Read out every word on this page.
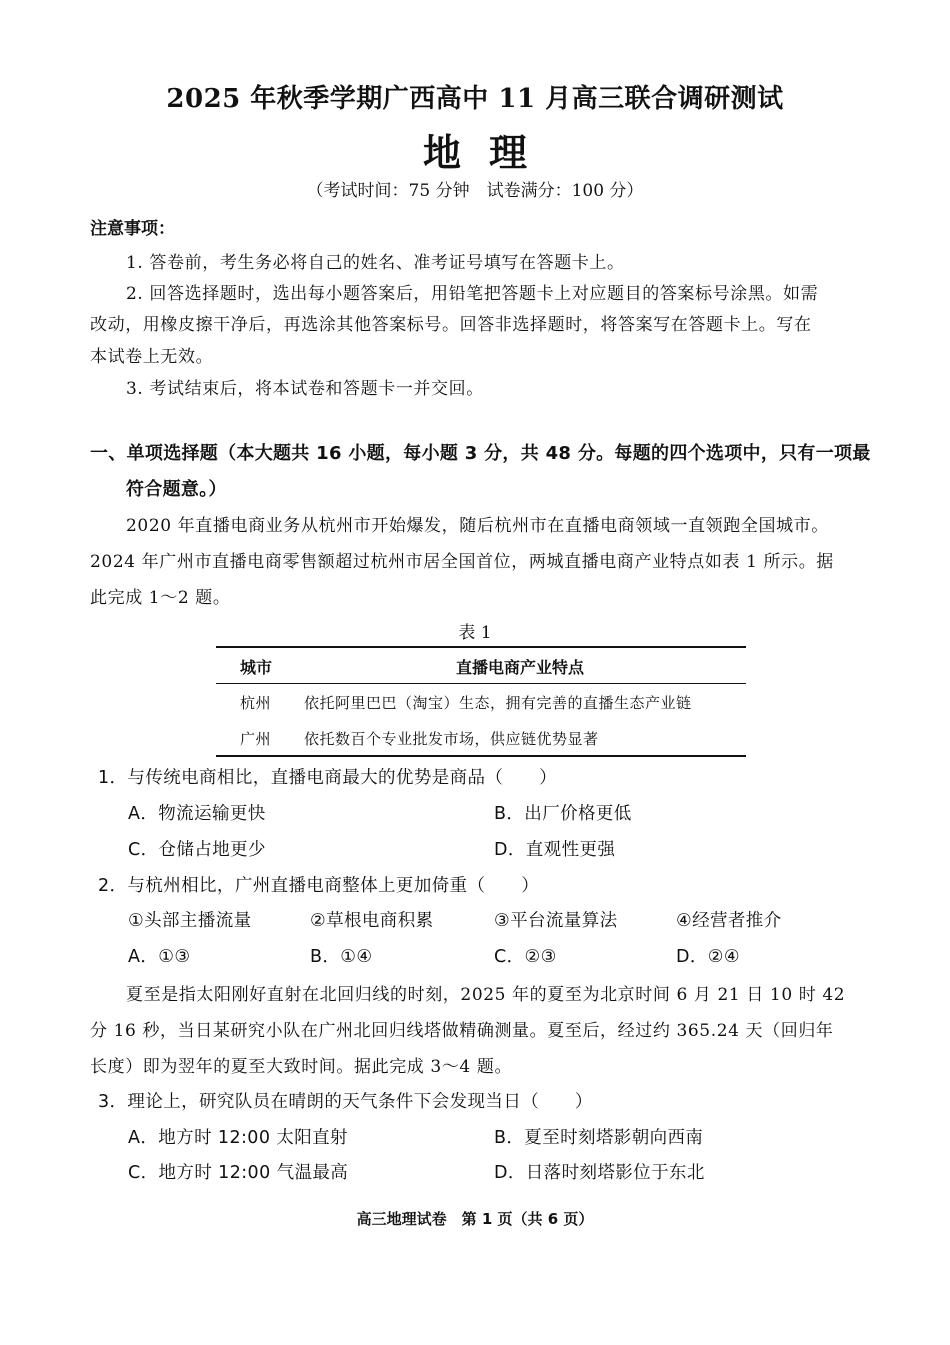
2025 年秋季学期广西高中 11 月高三联合调研测试
地理
（考试时间：75 分钟　试卷满分：100 分）
注意事项：
1. 答卷前，考生务必将自己的姓名、准考证号填写在答题卡上。
2. 回答选择题时，选出每小题答案后，用铅笔把答题卡上对应题目的答案标号涂黑。如需
改动，用橡皮擦干净后，再选涂其他答案标号。回答非选择题时，将答案写在答题卡上。写在
本试卷上无效。
3. 考试结束后，将本试卷和答题卡一并交回。
一、单项选择题（本大题共 16 小题，每小题 3 分，共 48 分。每题的四个选项中，只有一项最
符合题意。）
2020 年直播电商业务从杭州市开始爆发，随后杭州市在直播电商领域一直领跑全国城市。
2024 年广州市直播电商零售额超过杭州市居全国首位，两城直播电商产业特点如表 1 所示。据
此完成 1～2 题。
表 1
城市	直播电商产业特点
杭州 依托阿里巴巴（淘宝）生态，拥有完善的直播生态产业链
广州 依托数百个专业批发市场，供应链优势显著
1．与传统电商相比，直播电商最大的优势是商品（　　）
A．物流运输更快	B．出厂价格更低
C．仓储占地更少	D．直观性更强
2．与杭州相比，广州直播电商整体上更加倚重（　　）
①头部主播流量	②草根电商积累	③平台流量算法	④经营者推介
A．①③	B．①④	C．②③	D．②④
夏至是指太阳刚好直射在北回归线的时刻，2025 年的夏至为北京时间 6 月 21 日 10 时 42
分 16 秒，当日某研究小队在广州北回归线塔做精确测量。夏至后，经过约 365.24 天（回归年
长度）即为翌年的夏至大致时间。据此完成 3～4 题。
3．理论上，研究队员在晴朗的天气条件下会发现当日（　　）
A．地方时 12:00 太阳直射	B．夏至时刻塔影朝向西南
C．地方时 12:00 气温最高	D．日落时刻塔影位于东北
高三地理试卷　第 1 页（共 6 页）
